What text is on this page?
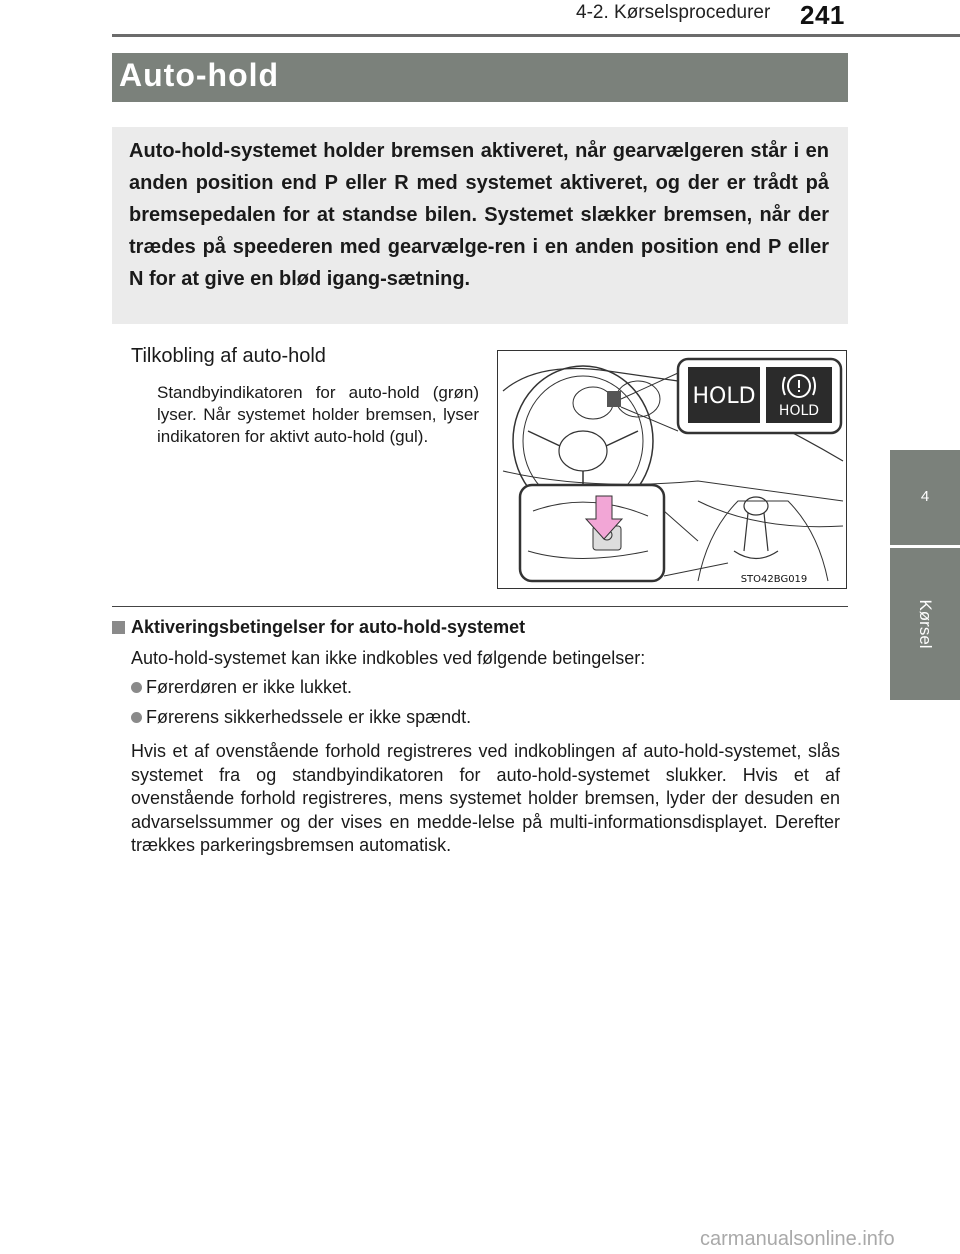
4-2. Kørselsprocedurer 241
4
Kørsel
Auto-hold

Auto-hold-systemet holder bremsen aktiveret, når gearvælgeren står i en anden position end P eller R med systemet aktiveret, og der er trådt på bremsepedalen for at standse bilen. Systemet slækker bremsen, når der trædes på speederen med gearvælge-ren i en anden position end P eller N for at give en blød igang-sætning.

Tilkobling af auto-hold

Standbyindikatoren for auto-hold (grøn) lyser. Når systemet holder bremsen, lyser indikatoren for aktivt auto-hold (gul).

HOLD
HOLD
STO42BG019
Aktiveringsbetingelser for auto-hold-systemet
Auto-hold-systemet kan ikke indkobles ved følgende betingelser:
Førerdøren er ikke lukket.
Førerens sikkerhedssele er ikke spændt.

Hvis et af ovenstående forhold registreres ved indkoblingen af auto-hold-systemet, slås systemet fra og standbyindikatoren for auto-hold-systemet slukker. Hvis et af ovenstående forhold registreres, mens systemet holder bremsen, lyder der desuden en advarselssummer og der vises en medde-lelse på multi-informationsdisplayet. Derefter trækkes parkeringsbremsen automatisk.

carmanualsonline.info
